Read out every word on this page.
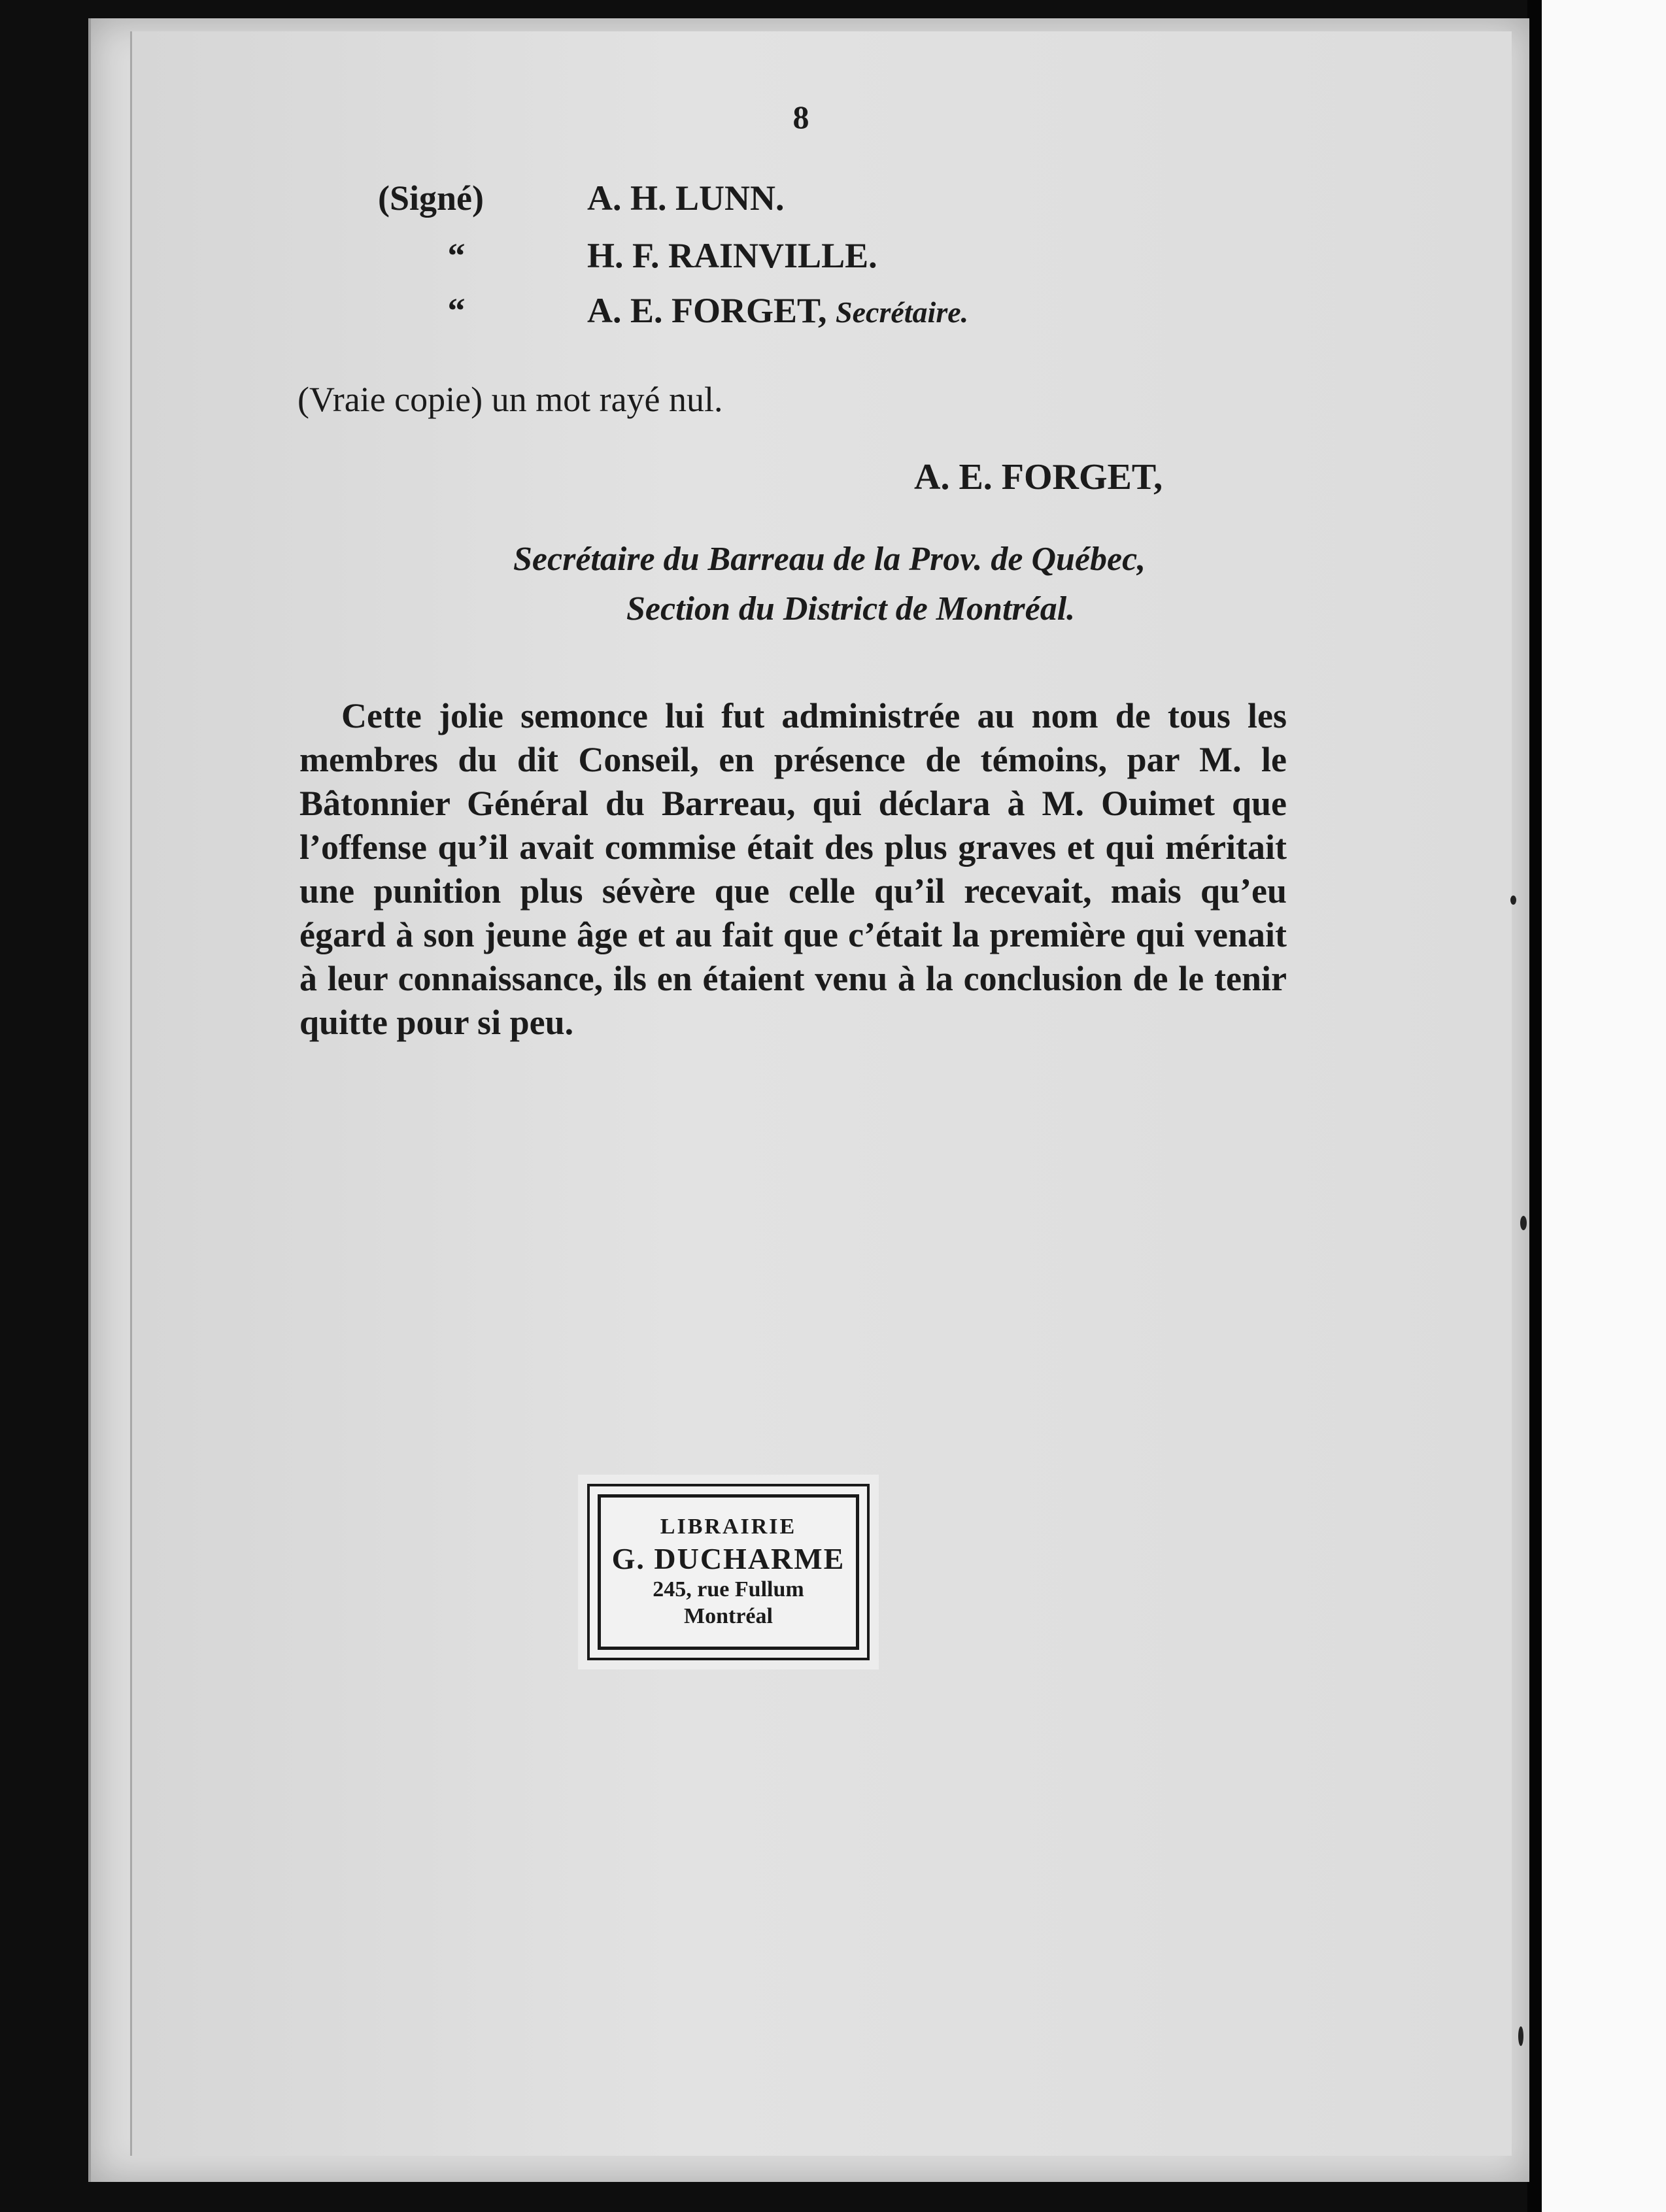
8
(Signé)	A. H. LUNN.
“	H. F. RAINVILLE.
“	A. E. FORGET, Secrétaire.
(Vraie copie) un mot rayé nul.
A. E. FORGET,
Secrétaire du Barreau de la Prov. de Québec,
Section du District de Montréal.

Cette jolie semonce lui fut administrée au nom de tous les membres du dit Conseil, en présence de témoins, par M. le Bâtonnier Général du Barreau, qui déclara à M. Ouimet que l’offense qu’il avait commise était des plus graves et qui méritait une punition plus sévère que celle qu’il recevait, mais qu’eu égard à son jeune âge et au fait que c’était la première qui venait à leur connaissance, ils en étaient venu à la conclusion de le tenir quitte pour si peu.

LIBRAIRIE
G. DUCHARME
245, rue Fullum
Montréal
